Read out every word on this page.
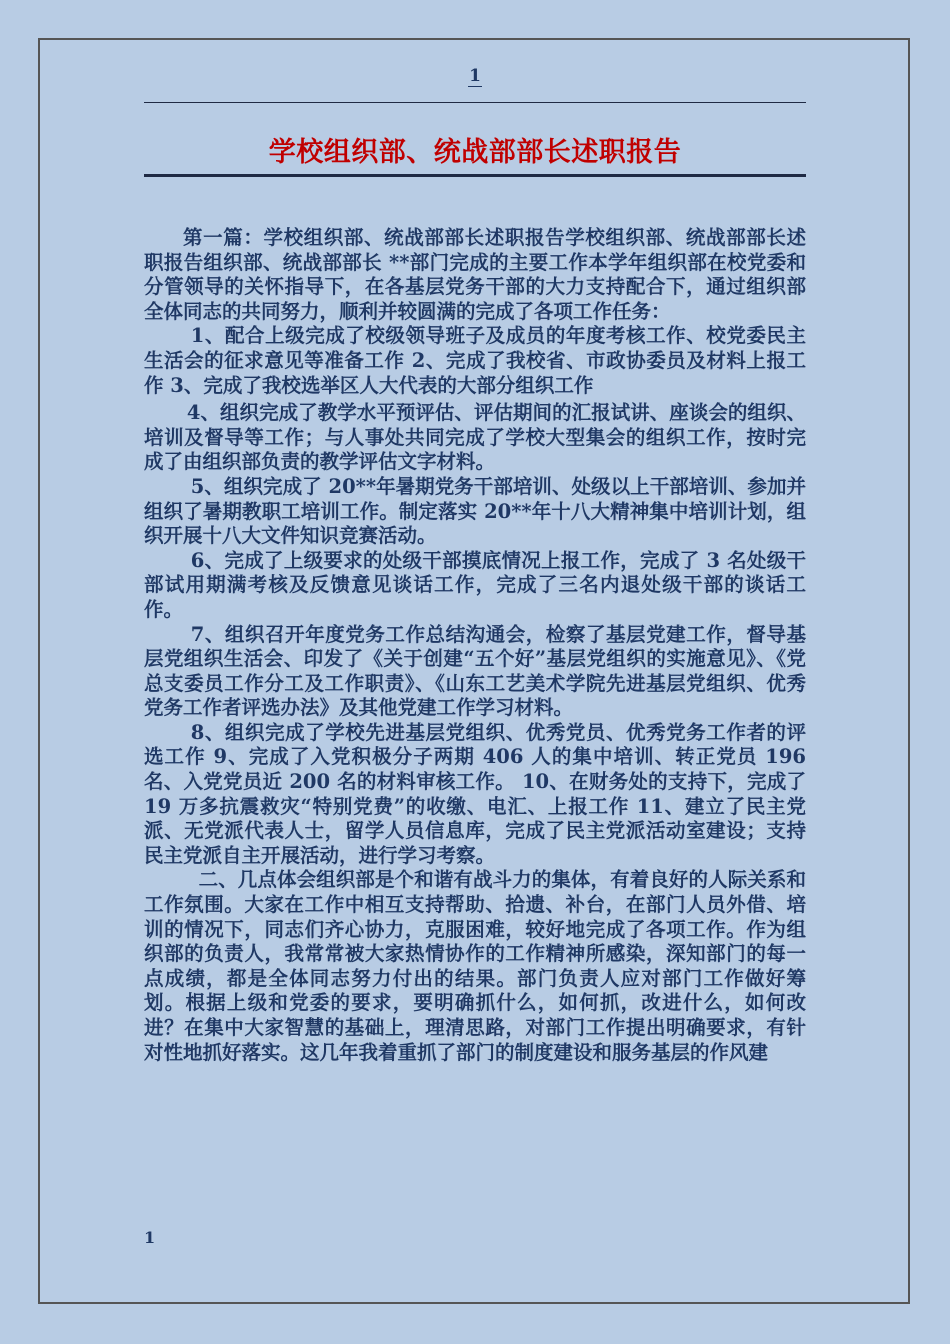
1
学校组织部、统战部部长述职报告

第一篇：学校组织部、统战部部长述职报告学校组织部、统战部部长述职报告组织部、统战部部长 **部门完成的主要工作本学年组织部在校党委和分管领导的关怀指导下，在各基层党务干部的大力支持配合下，通过组织部全体同志的共同努力，顺利并较圆满的完成了各项工作任务：

1、配合上级完成了校级领导班子及成员的年度考核工作、校党委民主生活会的征求意见等准备工作 2、完成了我校省、市政协委员及材料上报工作 3、完成了我校选举区人大代表的大部分组织工作

4、组织完成了教学水平预评估、评估期间的汇报试讲、座谈会的组织、培训及督导等工作；与人事处共同完成了学校大型集会的组织工作，按时完成了由组织部负责的教学评估文字材料。

5、组织完成了 20**年暑期党务干部培训、处级以上干部培训、参加并组织了暑期教职工培训工作。制定落实 20**年十八大精神集中培训计划，组织开展十八大文件知识竞赛活动。

6、完成了上级要求的处级干部摸底情况上报工作，完成了 3 名处级干部试用期满考核及反馈意见谈话工作，完成了三名内退处级干部的谈话工作。

7、组织召开年度党务工作总结沟通会，检察了基层党建工作，督导基层党组织生活会、印发了《关于创建“五个好”基层党组织的实施意见》、《党总支委员工作分工及工作职责》、《山东工艺美术学院先进基层党组织、优秀党务工作者评选办法》及其他党建工作学习材料。

8、组织完成了学校先进基层党组织、优秀党员、优秀党务工作者的评选工作 9、完成了入党积极分子两期 406 人的集中培训、转正党员 196 名、入党党员近 200 名的材料审核工作。 10、在财务处的支持下，完成了 19 万多抗震救灾“特别党费”的收缴、电汇、上报工作 11、建立了民主党派、无党派代表人士，留学人员信息库，完成了民主党派活动室建设；支持民主党派自主开展活动，进行学习考察。

二、几点体会组织部是个和谐有战斗力的集体，有着良好的人际关系和工作氛围。大家在工作中相互支持帮助、拾遗、补台，在部门人员外借、培训的情况下，同志们齐心协力，克服困难，较好地完成了各项工作。作为组织部的负责人，我常常被大家热情协作的工作精神所感染，深知部门的每一点成绩，都是全体同志努力付出的结果。部门负责人应对部门工作做好筹划。根据上级和党委的要求，要明确抓什么，如何抓，改进什么，如何改进？在集中大家智慧的基础上，理清思路，对部门工作提出明确要求，有针对性地抓好落实。这几年我着重抓了部门的制度建设和服务基层的作风建

1
